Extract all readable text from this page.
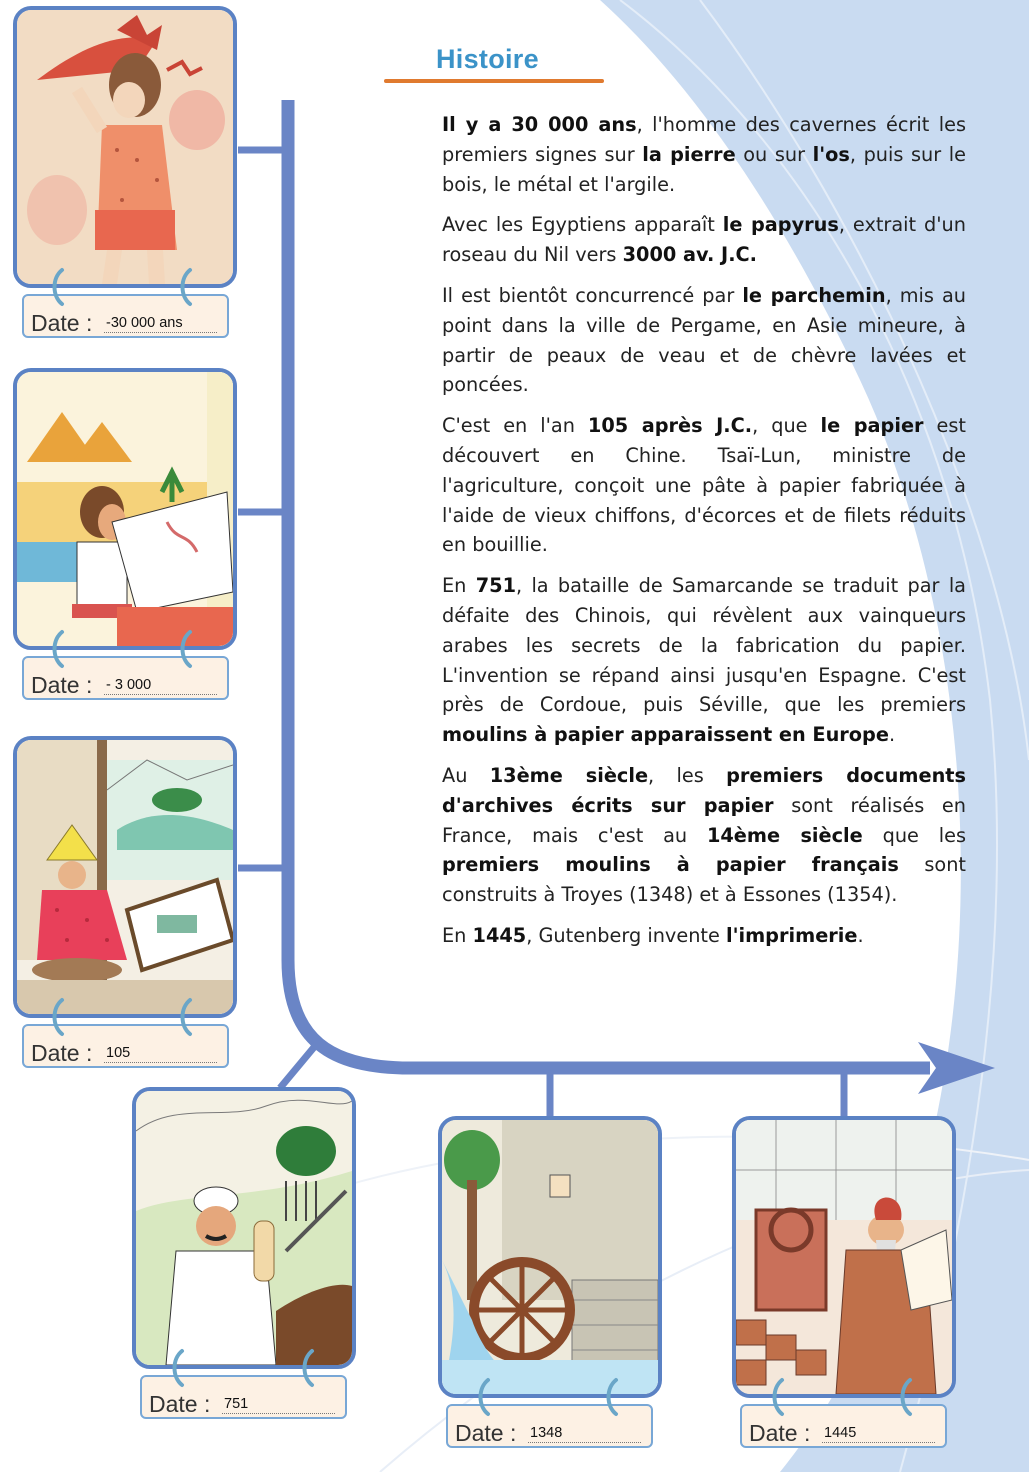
Histoire

Il y a 30 000 ans, l'homme des cavernes écrit les premiers signes sur la pierre ou sur l'os, puis sur le bois, le métal et l'argile.

Avec les Egyptiens apparaît le papyrus, extrait d'un roseau du Nil vers 3000 av. J.C.

Il est bientôt concurrencé par le parchemin, mis au point dans la ville de Pergame, en Asie mineure, à partir de peaux de veau et de chèvre lavées et poncées.

C'est en l'an 105 après J.C., que le papier est découvert en Chine. Tsaï-Lun, ministre de l'agriculture, conçoit une pâte à papier fabriquée à l'aide de vieux chiffons, d'écorces et de filets réduits en bouillie.

En 751, la bataille de Samarcande se traduit par la défaite des Chinois, qui révèlent aux vainqueurs arabes les secrets de la fabrication du papier. L'invention se répand ainsi jusqu'en Espagne. C'est près de Cordoue, puis Séville, que les premiers moulins à papier apparaissent en Europe.

Au 13ème siècle, les premiers documents d'archives écrits sur papier sont réalisés en France, mais c'est au 14ème siècle que les premiers moulins à papier français sont construits à Troyes (1348) et à Essones (1354).

En 1445, Gutenberg invente l'imprimerie.

Date : -30 000 ans
Date : - 3 000
Date : 105
Date : 751
Date : 1348	Date : 1445
